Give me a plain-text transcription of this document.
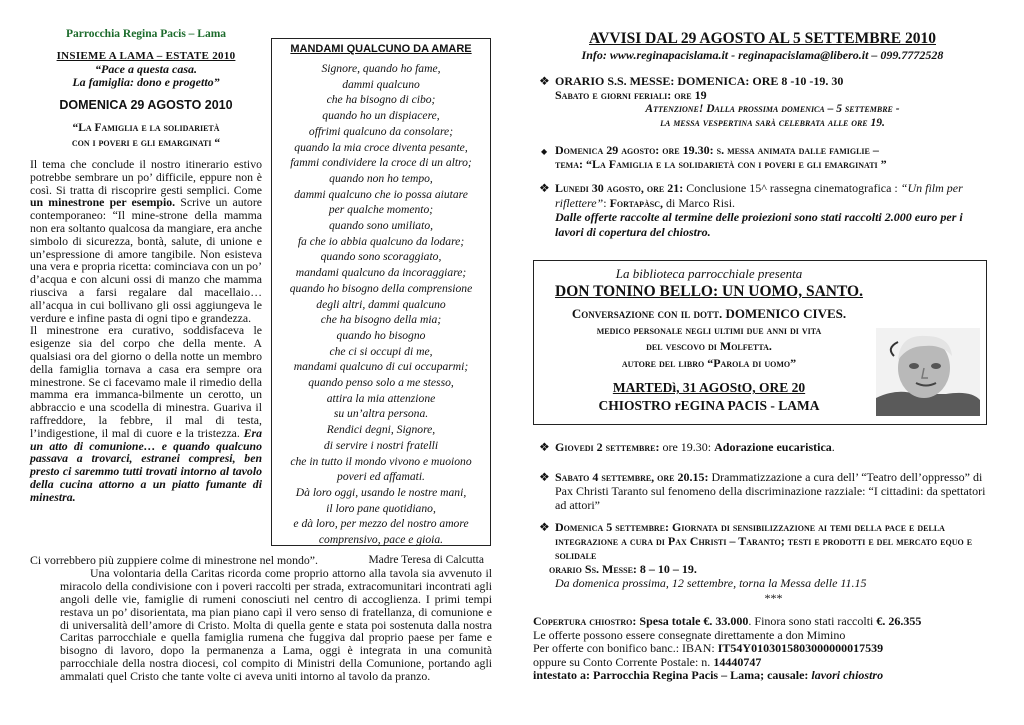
Parrocchia Regina Pacis – Lama
INSIEME A LAMA – ESTATE 2010
“Pace a questa casa.
La famiglia: dono e progetto”
DOMENICA 29 AGOSTO 2010
“La Famiglia e la solidarietà
con i poveri e gli emarginati “
Il tema che conclude il nostro itinerario estivo potrebbe sembrare un po’ difficile, eppure non è così. Si tratta di riscoprire gesti semplici. Come un minestrone per esempio. Scrive un autore contemporaneo: “Il mine-strone della mamma non era soltanto qualcosa da mangiare, era anche simbolo di sicurezza, bontà, salute, di unione e un’espressione di amore tangibile. Non esisteva una vera e propria ricetta: cominciava con un po’ d’acqua e con alcuni ossi di manzo che mamma riusciva a farsi regalare dal macellaio… all’acqua in cui bollivano gli ossi aggiungeva le verdure e infine pasta di ogni tipo e grandezza.
Il minestrone era curativo, soddisfaceva le esigenze sia del corpo che della mente. A qualsiasi ora del giorno o della notte un membro della famiglia tornava a casa era sempre ora minestrone. Se ci facevamo male il rimedio della mamma era immanca-bilmente un cerotto, un abbraccio e una scodella di minestra. Guariva il raffreddore, la febbre, il mal di testa, l’indigestione, il mal di cuore e la tristezza. Era un atto di comunione… e quando qualcuno passava a trovarci, estranei compresi, ben presto ci saremmo tutti trovati intorno al tavolo della cucina attorno a un piatto fumante di minestra.
MANDAMI QUALCUNO DA AMARE
Signore, quando ho fame,
dammi qualcuno
che ha bisogno di cibo;
quando ho un dispiacere,
offrimi qualcuno da consolare;
quando la mia croce diventa pesante,
fammi condividere la croce di un altro;
quando non ho tempo,
dammi qualcuno che io possa aiutare
per qualche momento;
quando sono umiliato,
fa che io abbia qualcuno da lodare;
quando sono scoraggiato,
mandami qualcuno da incoraggiare;
quando ho bisogno della comprensione
degli altri, dammi qualcuno
che ha bisogno della mia;
quando ho bisogno
che ci si occupi di me,
mandami qualcuno di cui occuparmi;
quando penso solo a me stesso,
attira la mia attenzione
su un’altra persona.
Rendici degni, Signore,
di servire i nostri fratelli
che in tutto il mondo vivono e muoiono
poveri ed affamati.
Dà loro oggi, usando le nostre mani,
il loro pane quotidiano,
e dà loro, per mezzo del nostro amore
comprensivo, pace e gioia.
Madre Teresa di Calcutta
Ci vorrebbero più zuppiere colme di minestrone nel mondo”.
Una volontaria della Caritas ricorda come proprio attorno alla tavola sia avvenuto il miracolo della condivisione con i poveri raccolti per strada, extracomunitari incontrati agli angoli delle vie, famiglie di rumeni conosciuti nel centro di accoglienza. I primi tempi restava un po’ disorientata, ma pian piano capì il vero senso di fratellanza, di comunione e di universalità dell’amore di Cristo. Molta di quella gente e stata poi sostenuta dalla nostra Caritas parrocchiale e quella famiglia rumena che fuggiva dal proprio paese per fame e bisogno di lavoro, dopo la permanenza a Lama, oggi è integrata in una comunità parrocchiale della nostra diocesi, col compito di Ministri della Comunione, portando agli ammalati quel Cristo che tante volte ci aveva uniti intorno al tavolo da pranzo.
AVVISI DAL 29 AGOSTO AL 5 SETTEMBRE 2010
Info: www.reginapacislama.it - reginapacislama@libero.it – 099.7772528
❖ ORARIO S.S. MESSE: DOMENICA: ORE 8 -10 -19. 30
Sabato e giorni feriali: ore 19
Attenzione! Dalla prossima domenica – 5 settembre -
la messa vespertina sarà celebrata alle ore 19.
◆ Domenica 29 agosto: ore 19.30: s. messa animata dalle famiglie –
tema: “La Famiglia e la solidarietà con i poveri e gli emarginati ”
❖ Lunedi 30 agosto, ore 21: Conclusione 15^ rassegna cinematografica : “Un film per riflettere”: Fortapàsc, di Marco Risi.
Dalle offerte raccolte al termine delle proiezioni sono stati raccolti 2.000 euro per i lavori di copertura del chiostro.
La biblioteca parrocchiale presenta
DON TONINO BELLO: UN UOMO, SANTO.
Conversazione con il dott. DOMENICO CIVES.
medico personale negli ultimi due anni di vita
del vescovo di Molfetta.
autore del libro “Parola di uomo”
MARTEDì, 31 AGOStO, ORE 20
CHIOSTRO rEGINA PACIS - LAMA
❖ Giovedi 2 settembre: ore 19.30: Adorazione eucaristica.
❖ Sabato 4 settembre, ore 20.15: Drammatizzazione a cura dell’ “Teatro dell’oppresso” di Pax Christi Taranto sul fenomeno della discriminazione razziale: “I cittadini: da spettatori ad attori”
❖ Domenica 5 settembre: Giornata di sensibilizzazione ai temi della pace e della integrazione a cura di Pax Christi – Taranto; testi e prodotti e del mercato equo e solidale
orario Ss. Messe: 8 – 10 – 19.
Da domenica prossima, 12 settembre, torna la Messa delle 11.15
***
Copertura chiostro: Spesa totale €. 33.000. Finora sono stati raccolti €. 26.355
Le offerte possono essere consegnate direttamente a don Mimino
Per offerte con bonifico banc.: IBAN: IT54Y0103015803000000017539
oppure su Conto Corrente Postale: n. 14440747
intestato a: Parrocchia Regina Pacis – Lama; causale: lavori chiostro
